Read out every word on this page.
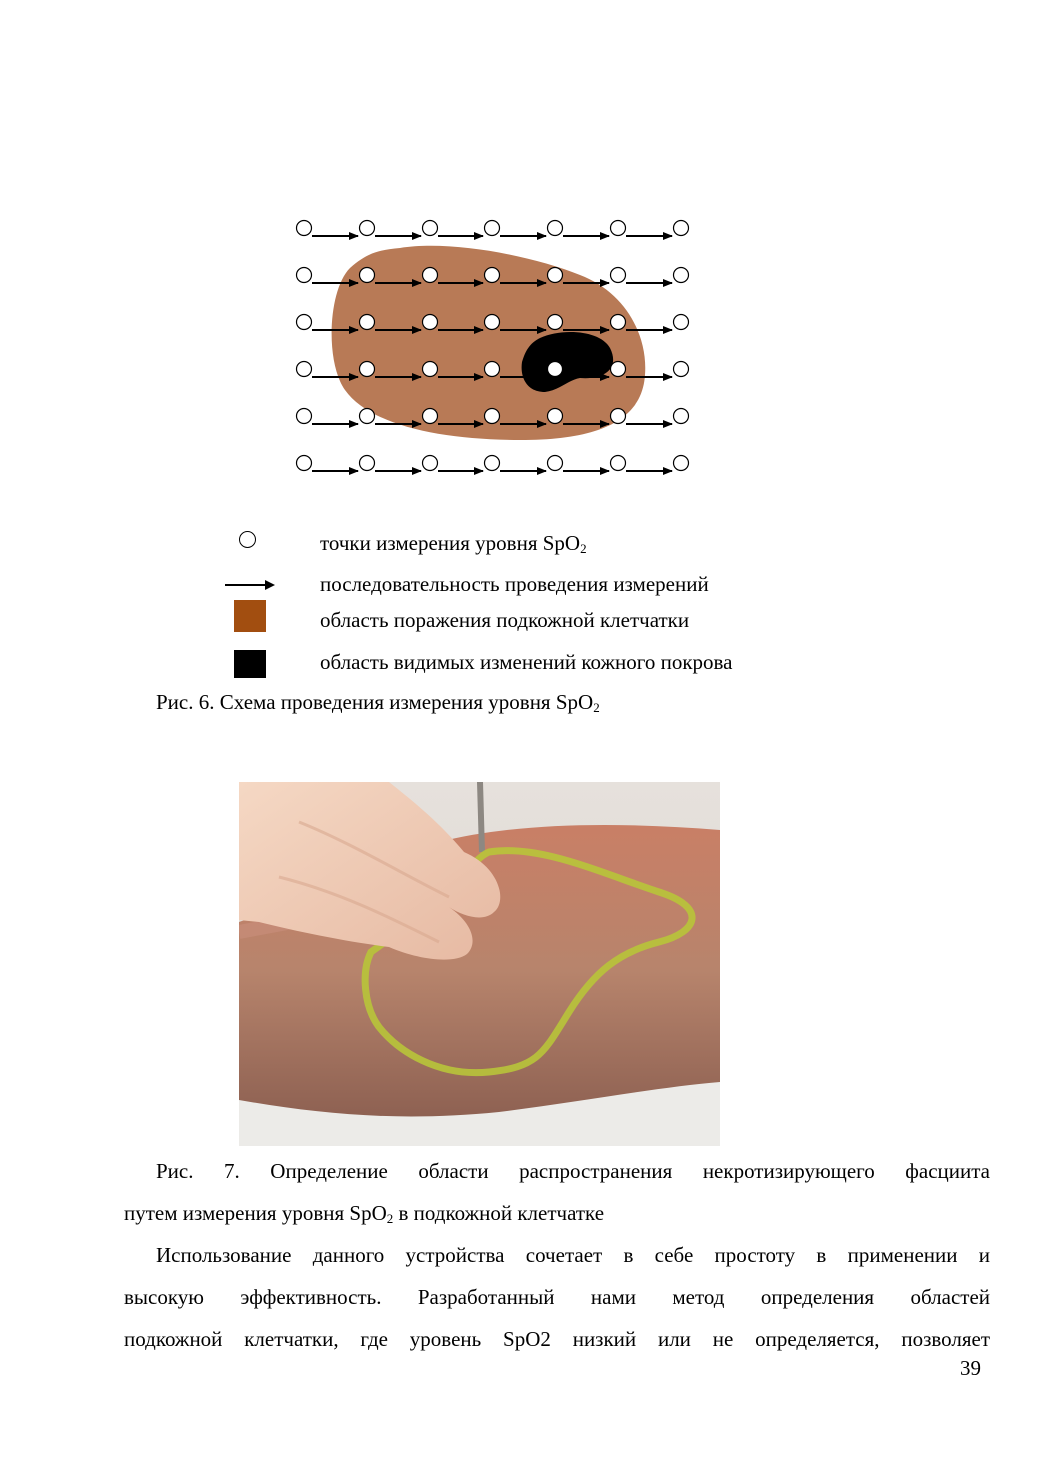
точки измерения уровня SpO$_2$
последовательность проведения измерений
область поражения подкожной клетчатки
область видимых изменений кожного покрова
Рис. 6. Схема проведения измерения уровня SpO$_2$
Рис. 7. Определение области распространения некротизирующего фасциита
путем измерения уровня SpO$_2$ в подкожной клетчатке
Использование данного устройства сочетает в себе простоту в применении и
высокую эффективность. Разработанный нами метод определения областей
подкожной клетчатки, где уровень SpO2 низкий или не определяется, позволяет
39
